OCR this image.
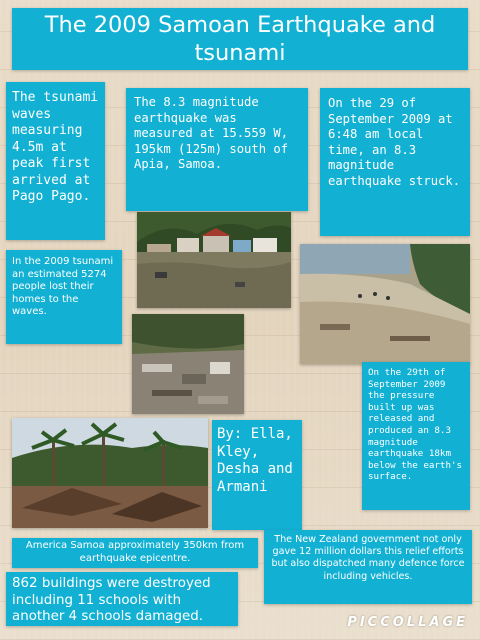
The 2009 Samoan Earthquake and tsunami
The tsunami waves measuring 4.5m at peak first arrived at Pago Pago.
The 8.3 magnitude earthquake was measured at 15.559 W, 195km (125m) south of Apia, Samoa.
On the 29 of September 2009 at 6:48 am local time, an 8.3 magnitude earthquake struck.
In the 2009 tsunami an estimated 5274 people lost their homes to the waves.
On the 29th of September 2009 the pressure built up was released and produced an 8.3 magnitude earthquake 18km below the earth's surface.
By: Ella, Kley, Desha and Armani
America Samoa approximately 350km from earthquake epicentre.
The New Zealand government not only gave 12 million dollars this relief efforts but also dispatched many defence force including vehicles.
862 buildings were destroyed including 11 schools with another 4 schools damaged.	PICCOLLAGE
